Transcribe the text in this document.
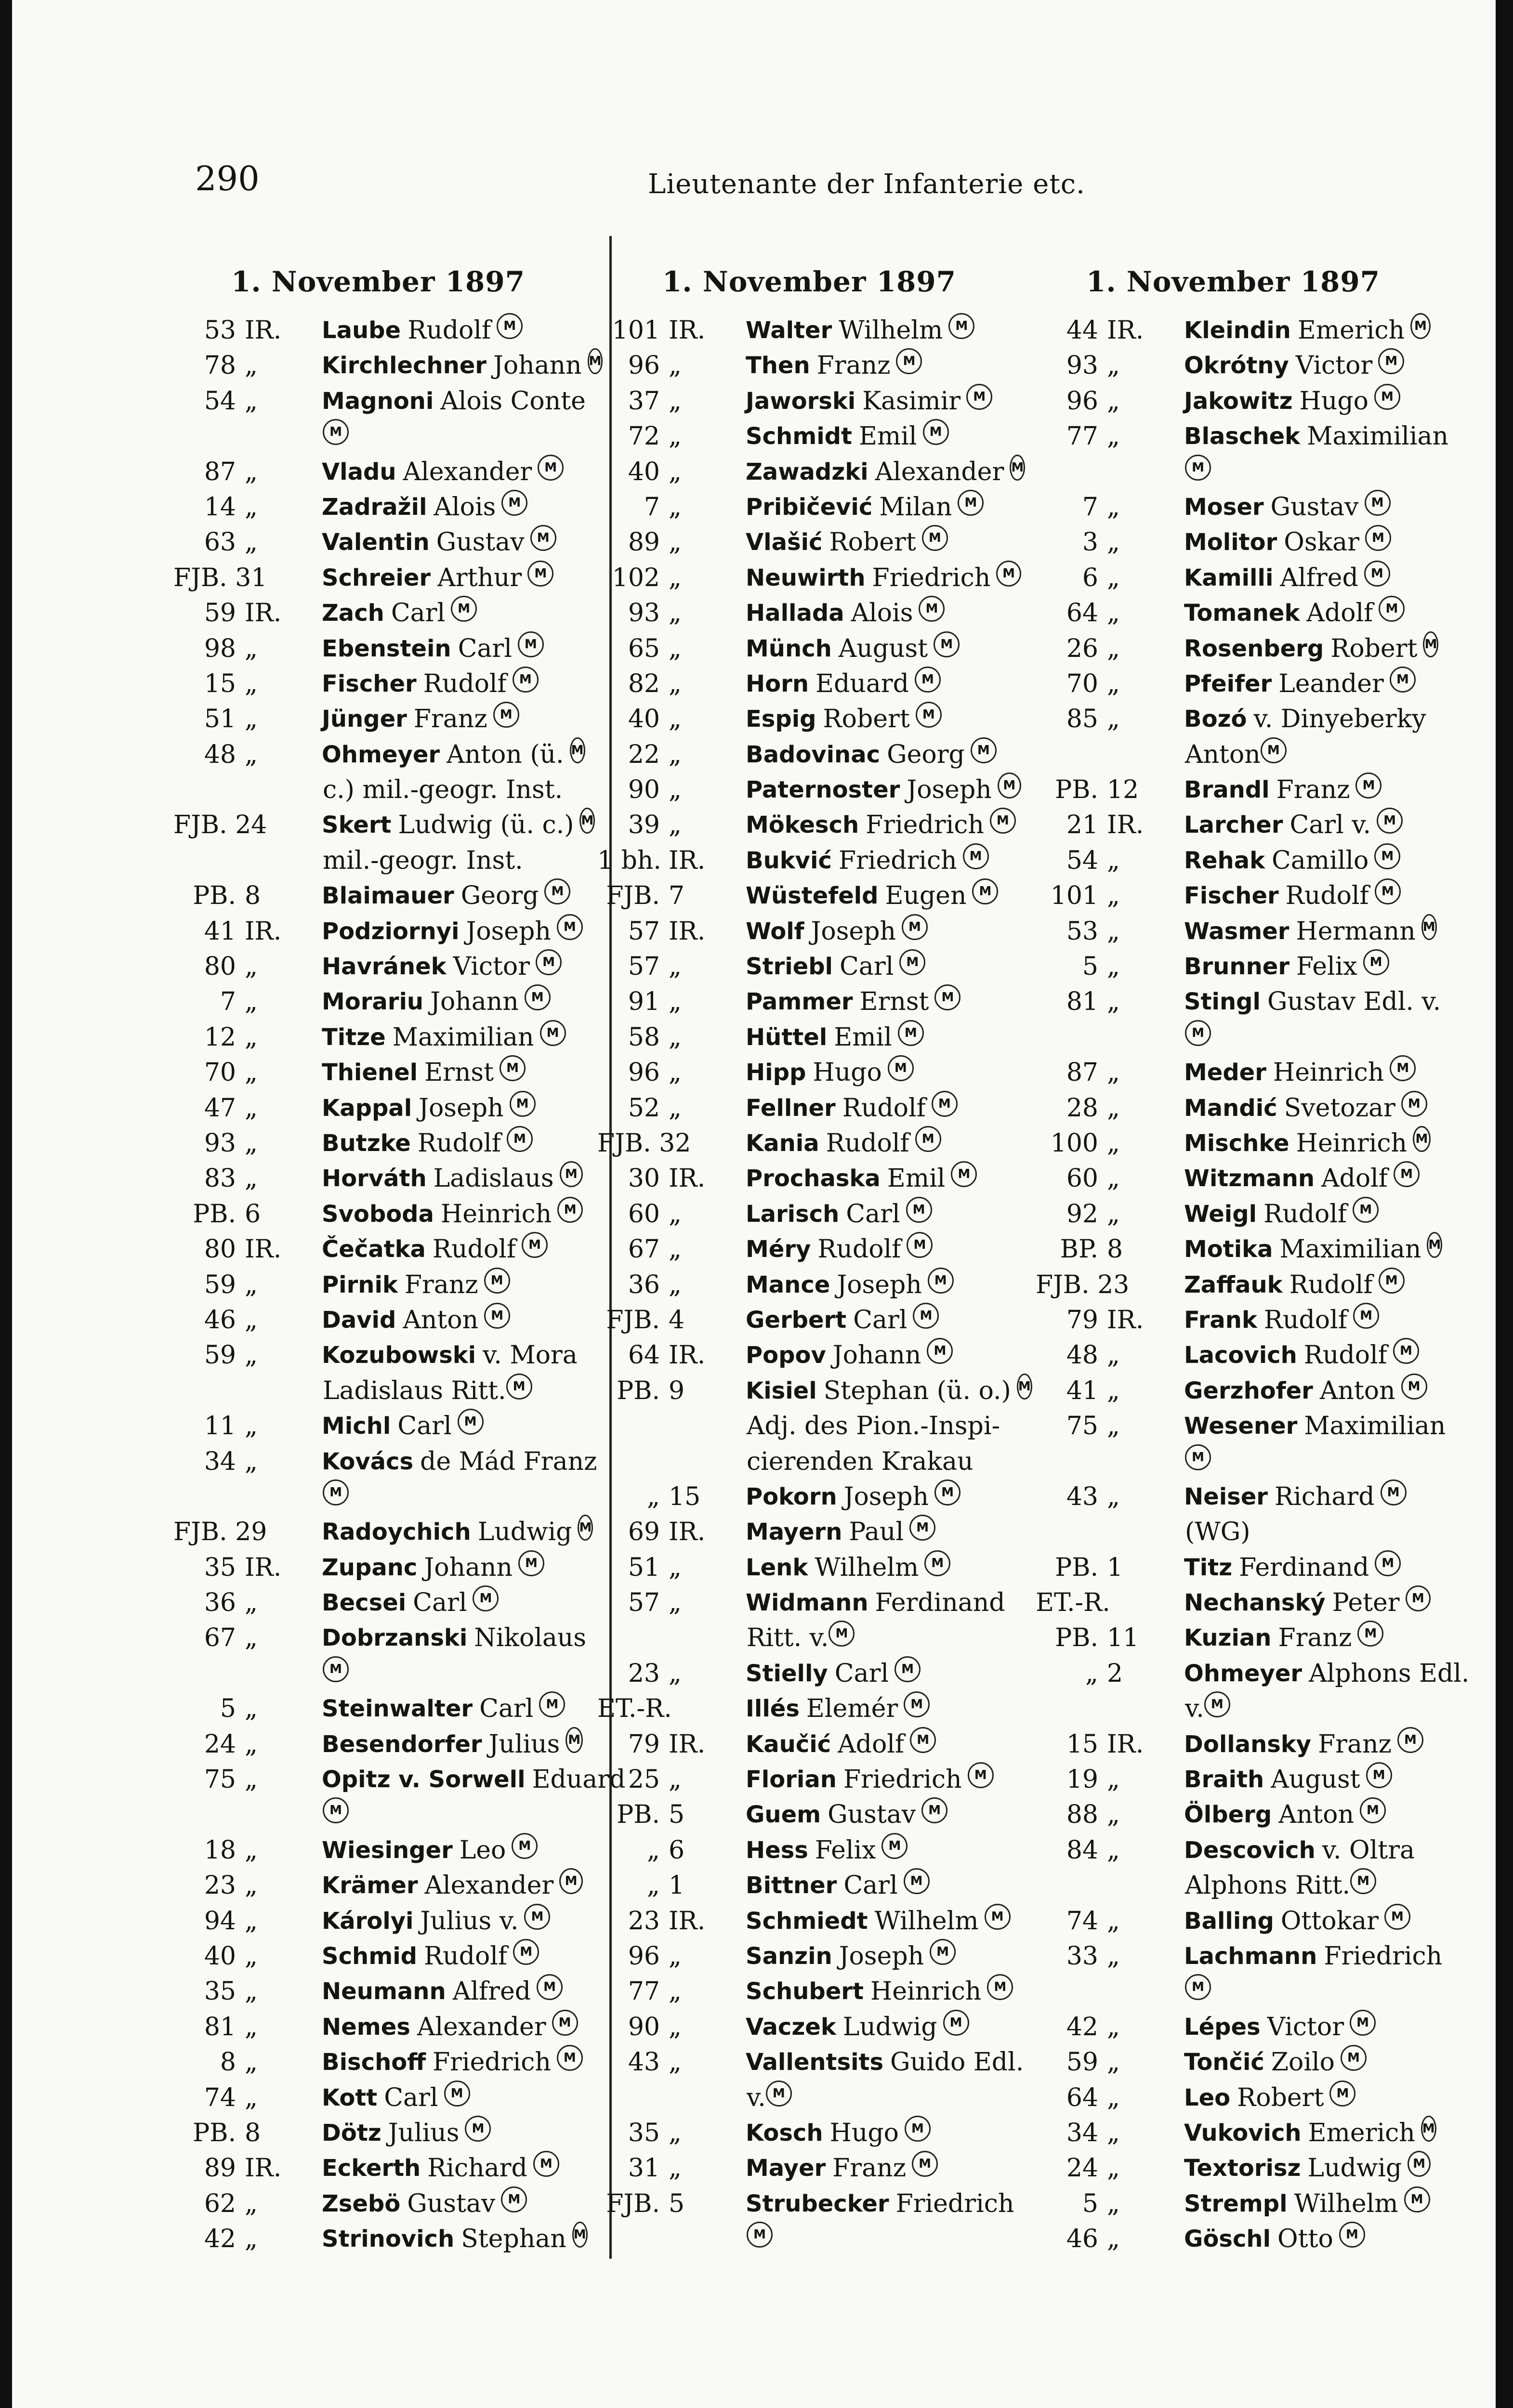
290	Lieutenante der Infanterie etc.
1. November 1897
53 IR.	Laube Rudolf	M
78 „	Kirchlechner Johann M
54 „	Magnoni Alois Conte
M
87 „	Vladu Alexander	M
14 „	Zadražil Alois	M
63 „	Valentin Gustav	M
FJB. 31 Schreier Arthur	M
59 IR.	Zach Carl	M
98 „	Ebenstein Carl	M
15 „	Fischer Rudolf	M
51 „	Jünger Franz	M
48 „	Ohmeyer Anton (ü. M
c.) mil.-geogr. Inst.
FJB. 24 Skert Ludwig (ü. c.) M
mil.-geogr. Inst.
PB. 8	Blaimauer Georg	M
41 IR.	Podziornyi Joseph	M
80 „	Havránek Victor	M
7 „	Morariu Johann	M
12 „	Titze Maximilian	M
70 „	Thienel Ernst	M
47 „	Kappal Joseph	M
93 „	Butzke Rudolf	M
83 „	Horváth Ladislaus M
PB. 6	Svoboda Heinrich M
80 IR.	Čečatka Rudolf	M
59 „	Pirnik Franz	M
46 „	David Anton	M
59 „	Kozubowski v. Mora
Ladislaus Ritt. M
11 „	Michl Carl	M
34 „	Kovács de Mád Franz
M
FJB. 29 Radoychich Ludwig M
35 IR.	Zupanc Johann	M
36 „	Becsei Carl	M
67 „	Dobrzanski Nikolaus
M
5 „	Steinwalter Carl	M
24 „	Besendorfer Julius M
75 „	Opitz v. Sorwell Eduard
M
18 „	Wiesinger Leo	M
23 „	Krämer Alexander M
94 „	Károlyi Julius v.	M
40 „	Schmid Rudolf	M
35 „	Neumann Alfred	M
81 „	Nemes Alexander	M
8 „	Bischoff Friedrich	M
74 „	Kott Carl	M
PB. 8	Dötz Julius	M
89 IR.	Eckerth Richard	M
62 „	Zsebö Gustav	M
42 „	Strinovich Stephan M
1. November 1897
101 IR.	Walter Wilhelm	M
96 „	Then Franz	M
37 „	Jaworski Kasimir	M
72 „	Schmidt Emil	M
40 „	Zawadzki Alexander M
7 „	Pribičević Milan	M
89 „	Vlašić Robert	M
102 „	Neuwirth Friedrich M
93 „	Hallada Alois	M
65 „	Münch August	M
82 „	Horn Eduard	M
40 „	Espig Robert	M
22 „	Badovinac Georg	M
90 „	Paternoster Joseph M
39 „	Mökesch Friedrich	M
1 bh. IR.	Bukvić Friedrich	M
FJB. 7	Wüstefeld Eugen	M
57 IR.	Wolf Joseph	M
57 „	Striebl Carl	M
91 „	Pammer Ernst	M
58 „	Hüttel Emil	M
96 „	Hipp Hugo	M
52 „	Fellner Rudolf	M
FJB. 32 Kania Rudolf	M
30 IR.	Prochaska Emil	M
60 „	Larisch Carl	M
67 „	Méry Rudolf	M
36 „	Mance Joseph	M
FJB. 4	Gerbert Carl	M
64 IR.	Popov Johann	M
PB. 9	Kisiel Stephan (ü. o.) M
Adj. des Pion.-Inspi-
cierenden Krakau
„ 15	Pokorn Joseph	M
69 IR.	Mayern Paul	M
51 „	Lenk Wilhelm	M
57 „	Widmann Ferdinand
Ritt. v. M
23 „	Stielly Carl	M
ET.-R.	Illés Elemér	M
79 IR.	Kaučić Adolf	M
25 „	Florian Friedrich	M
PB. 5	Guem Gustav	M
„ 6	Hess Felix	M
„ 1	Bittner Carl	M
23 IR.	Schmiedt Wilhelm	M
96 „	Sanzin Joseph	M
77 „	Schubert Heinrich	M
90 „	Vaczek Ludwig	M
43 „	Vallentsits Guido Edl.
v. M
35 „	Kosch Hugo	M
31 „	Mayer Franz	M
FJB. 5	Strubecker Friedrich
M
1. November 1897
44 IR.	Kleindin Emerich M
93 „	Okrótny Victor	M
96 „	Jakowitz Hugo	M
77 „	Blaschek Maximilian
M
7 „	Moser Gustav	M
3 „	Molitor Oskar	M
6 „	Kamilli Alfred	M
64 „	Tomanek Adolf	M
26 „	Rosenberg Robert M
70 „	Pfeifer Leander	M
85 „	Bozó v. Dinyeberky
Anton M
PB. 12	Brandl Franz	M
21 IR.	Larcher Carl v.	M
54 „	Rehak Camillo	M
101 „	Fischer Rudolf	M
53 „	Wasmer Hermann M
5 „	Brunner Felix	M
81 „	Stingl Gustav Edl. v.
M
87 „	Meder Heinrich	M
28 „	Mandić Svetozar	M
100 „	Mischke Heinrich M
60 „	Witzmann Adolf	M
92 „	Weigl Rudolf	M
BP. 8	Motika Maximilian M
FJB. 23 Zaffauk Rudolf	M
79 IR.	Frank Rudolf	M
48 „	Lacovich Rudolf	M
41 „	Gerzhofer Anton	M
75 „	Wesener Maximilian
M
43 „	Neiser Richard	M
(WG)
PB. 1	Titz Ferdinand	M
ET.-R.	Nechanský Peter M
PB. 11	Kuzian Franz	M
„ 2	Ohmeyer Alphons Edl.
v. M
15 IR.	Dollansky Franz	M
19 „	Braith August	M
88 „	Ölberg Anton	M
84 „	Descovich v. Oltra
Alphons Ritt. M
74 „	Balling Ottokar	M
33 „	Lachmann Friedrich
M
42 „	Lépes Victor	M
59 „	Tončić Zoilo	M
64 „	Leo Robert	M
34 „	Vukovich Emerich M
24 „	Textorisz Ludwig M
5 „	Strempl Wilhelm	M
46 „	Göschl Otto	M
